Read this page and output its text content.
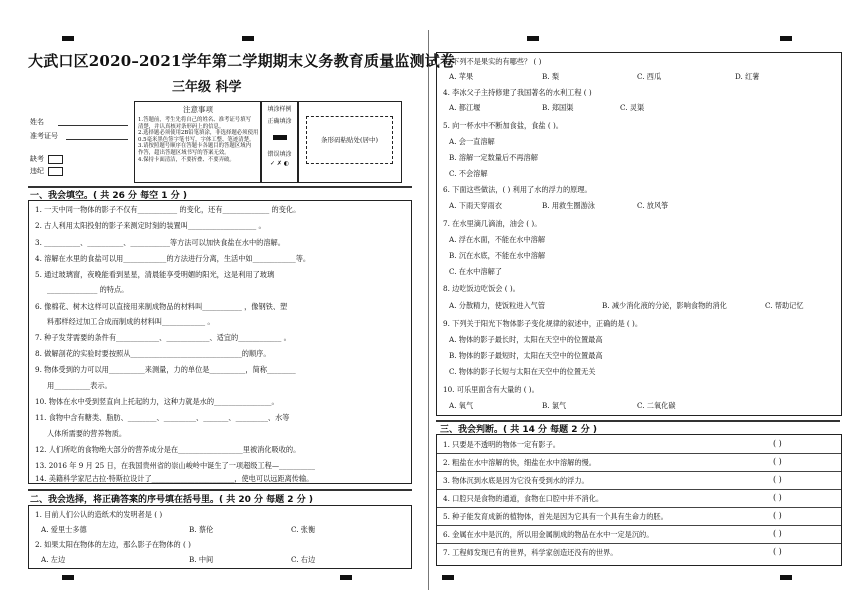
大武口区2020–2021学年第二学期期末义务教育质量监测试卷
三年级 科学
姓名
准考证号
缺考
违纪
注意事项
1.答题前，考生先将自己的姓名、准考证号填写
清楚，并认真核对条形码上的信息。
2.选择题必须使用2B铅笔填涂，非选择题必须使用
0.5毫米黑色签字笔书写，字体工整、笔迹清楚。
3.请按照题号顺序在答题卡各题目的答题区域内
作答，超出答题区域书写的答案无效。
4.保持卡面清洁，不要折叠、不要弄破。
填涂样例
正确填涂
错误填涂
✓ ✗ ◐
条形码粘贴处(居中)
一、我会填空。( 共 26 分 每空 1 分 )
1. 一天中同一物体的影子不仅有___________ 的变化，还有_____________ 的变化。
2. 古人利用太阳投射的影子来测定时刻的装置叫___________________ 。
3. __________、__________、___________等方法可以加快食盐在水中的溶解。
4. 溶解在水里的食盐可以用____________的方法进行分离，生活中如____________等。
5. 通过玻璃窗，夜晚能看到星星，清晨能享受明媚的阳光，这是利用了玻璃
______________ 的特点。
6. 像棉花、树木这样可以直接用来制成物品的材料叫___________ ，像钢铁、塑
料那样经过加工合成而制成的材料叫____________ 。
7. 种子发芽需要的条件有____________、____________、适宜的____________ 。
8. 做解剖花的实验时要按照从_______________________________的顺序。
9. 物体受到的力可以用__________来测量，力的单位是__________，简称________
用__________表示。
10. 物体在水中受到竖直向上托起的力，这种力就是水的________________。
11. 食物中含有糖类、脂肪、________、_________、_______、_________、水等
人体所需要的营养物质。
12. 人们所吃的食物绝大部分的营养成分是在__________________里被消化吸收的。
13. 2016 年 9 月 25 日，在我国贵州省的崇山峻岭中诞生了一项超级工程—__________
14. 美籍科学家尼古拉·特斯拉设计了_______________________，使电可以远距离传输。
二、我会选择，将正确答案的序号填在括号里。( 共 20 分 每题 2 分 )
1. 目前人们公认的造纸术的发明者是 ( )
A. 爱里士多德	B. 蔡伦	C. 张衡
2. 如果太阳在物体的左边，那么影子在物体的 ( )
A. 左边	B. 中间	C. 右边
3. 下列不是果实的有哪些？ ( )
A. 苹果	B. 梨	C. 西瓜	D. 红薯
4. 李冰父子主持修建了我国著名的水利工程 ( )
A. 都江堰	B. 郑国渠	C. 灵渠
5. 向一杯水中不断加食盐，食盐 ( )。
A. 会一直溶解
B. 溶解一定数量后不再溶解
C. 不会溶解
6. 下面这些做法，( ) 利用了水的浮力的原理。
A. 下雨天穿雨衣	B. 用救生圈游泳	C. 放风筝
7. 在水里滴几滴油，油会 ( )。
A. 浮在水面，不能在水中溶解
B. 沉在水底，不能在水中溶解
C. 在水中溶解了
8. 边吃饭边吃饭会 ( )。
A. 分散精力，使饭粒进入气管	B. 减少消化液的分泌，影响食物的消化	C. 帮助记忆
9. 下列关于阳光下物体影子变化规律的叙述中，正确的是 ( )。
A. 物体的影子最长时，太阳在天空中的位置最高
B. 物体的影子最短时，太阳在天空中的位置最高
C. 物体的影子长短与太阳在天空中的位置无关
10. 可乐里面含有大量的 ( )。
A. 氧气	B. 氯气	C. 二氧化碳
三、我会判断。( 共 14 分 每题 2 分 )
1. 只要是不透明的物体一定有影子。	( )
2. 粗盐在水中溶解的快，细盐在水中溶解的慢。	( )
3. 物体沉到水底是因为它没有受到水的浮力。	( )
4. 口腔只是食物的通道，食物在口腔中并不消化。	( )
5. 种子能发育成新的植物体，首先是因为它具有一个具有生命力的胚。	( )
6. 金属在水中是沉的，所以用金属制成的物品在水中一定是沉的。	( )
7. 工程师发现已有的世界，科学家创造还没有的世界。	( )
